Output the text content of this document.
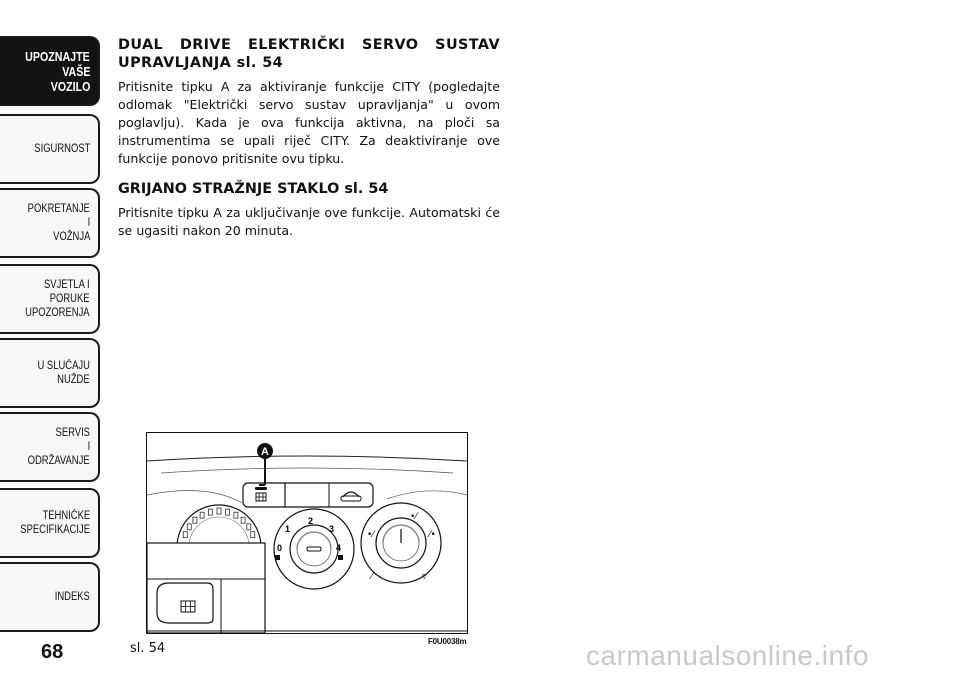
UPOZNAJTE
VAŠE
VOZILO
SIGURNOST
POKRETANJE
I
VOŽNJA
SVJETLA I
PORUKE
UPOZORENJA
U SLUČAJU
NUŽDE
SERVIS
I
ODRŽAVANJE
TEHNIČKE
SPECIFIKACIJE
INDEKS
68
DUAL DRIVE ELEKTRIČKI SERVO SUSTAV UPRAVLJANJA sl. 54

Pritisnite tipku A za aktiviranje funkcije CITY (pogledajte odlomak "Električki servo sustav upravljanja" u ovom poglavlju). Kada je ova funkcija aktivna, na ploči sa instrumentima se upali riječ CITY. Za deaktiviranje ove funkcije ponovo pritisnite ovu tipku.

GRIJANO STRAŽNJE STAKLO sl. 54

Pritisnite tipku A za uključivanje ove funkcije. Automatski će se ugasiti nakon 20 minuta.

A
0
1
2
3
4
•⁄
•⁄	⁄•
⁄	▿
sl. 54	F0U0038m	carmanualsonline.info
